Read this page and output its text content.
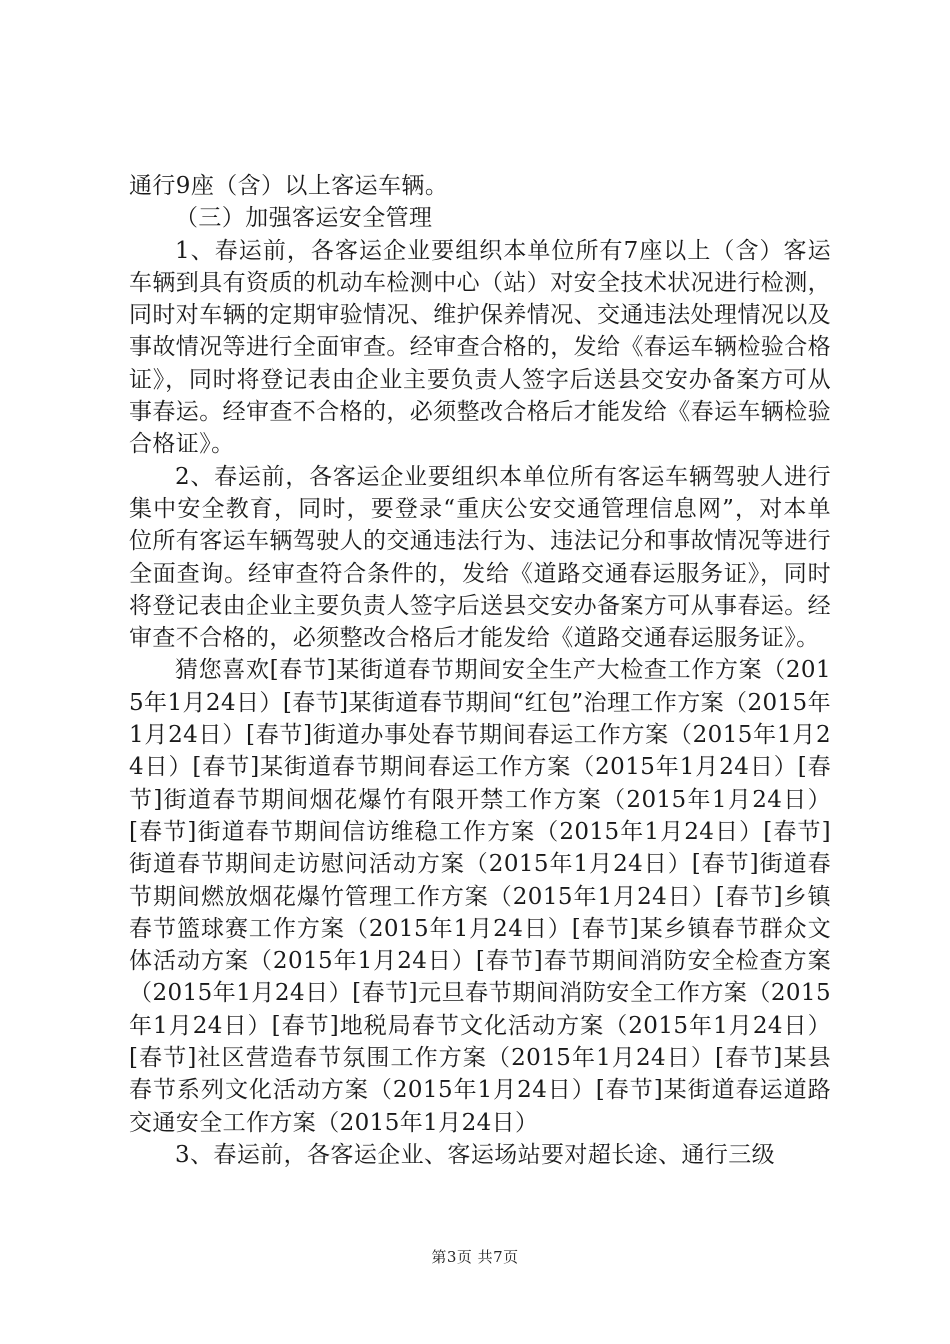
通行9座（含）以上客运车辆。

（三）加强客运安全管理

1、春运前，各客运企业要组织本单位所有7座以上（含）客运车辆到具有资质的机动车检测中心（站）对安全技术状况进行检测，同时对车辆的定期审验情况、维护保养情况、交通违法处理情况以及事故情况等进行全面审查。经审查合格的，发给《春运车辆检验合格证》，同时将登记表由企业主要负责人签字后送县交安办备案方可从事春运。经审查不合格的，必须整改合格后才能发给《春运车辆检验合格证》。

2、春运前，各客运企业要组织本单位所有客运车辆驾驶人进行集中安全教育，同时，要登录“重庆公安交通管理信息网”，对本单位所有客运车辆驾驶人的交通违法行为、违法记分和事故情况等进行全面查询。经审查符合条件的，发给《道路交通春运服务证》，同时将登记表由企业主要负责人签字后送县交安办备案方可从事春运。经审查不合格的，必须整改合格后才能发给《道路交通春运服务证》。

猜您喜欢[春节]某街道春节期间安全生产大检查工作方案（2015年1月24日）[春节]某街道春节期间“红包”治理工作方案（2015年1月24日）[春节]街道办事处春节期间春运工作方案（2015年1月24日）[春节]某街道春节期间春运工作方案（2015年1月24日）[春节]街道春节期间烟花爆竹有限开禁工作方案（2015年1月24日）[春节]街道春节期间信访维稳工作方案（2015年1月24日）[春节]街道春节期间走访慰问活动方案（2015年1月24日）[春节]街道春节期间燃放烟花爆竹管理工作方案（2015年1月24日）[春节]乡镇春节篮球赛工作方案（2015年1月24日）[春节]某乡镇春节群众文体活动方案（2015年1月24日）[春节]春节期间消防安全检查方案（2015年1月24日）[春节]元旦春节期间消防安全工作方案（2015年1月24日）[春节]地税局春节文化活动方案（2015年1月24日）[春节]社区营造春节氛围工作方案（2015年1月24日）[春节]某县春节系列文化活动方案（2015年1月24日）[春节]某街道春运道路交通安全工作方案（2015年1月24日）

3、春运前，各客运企业、客运场站要对超长途、通行三级

第3页 共7页
